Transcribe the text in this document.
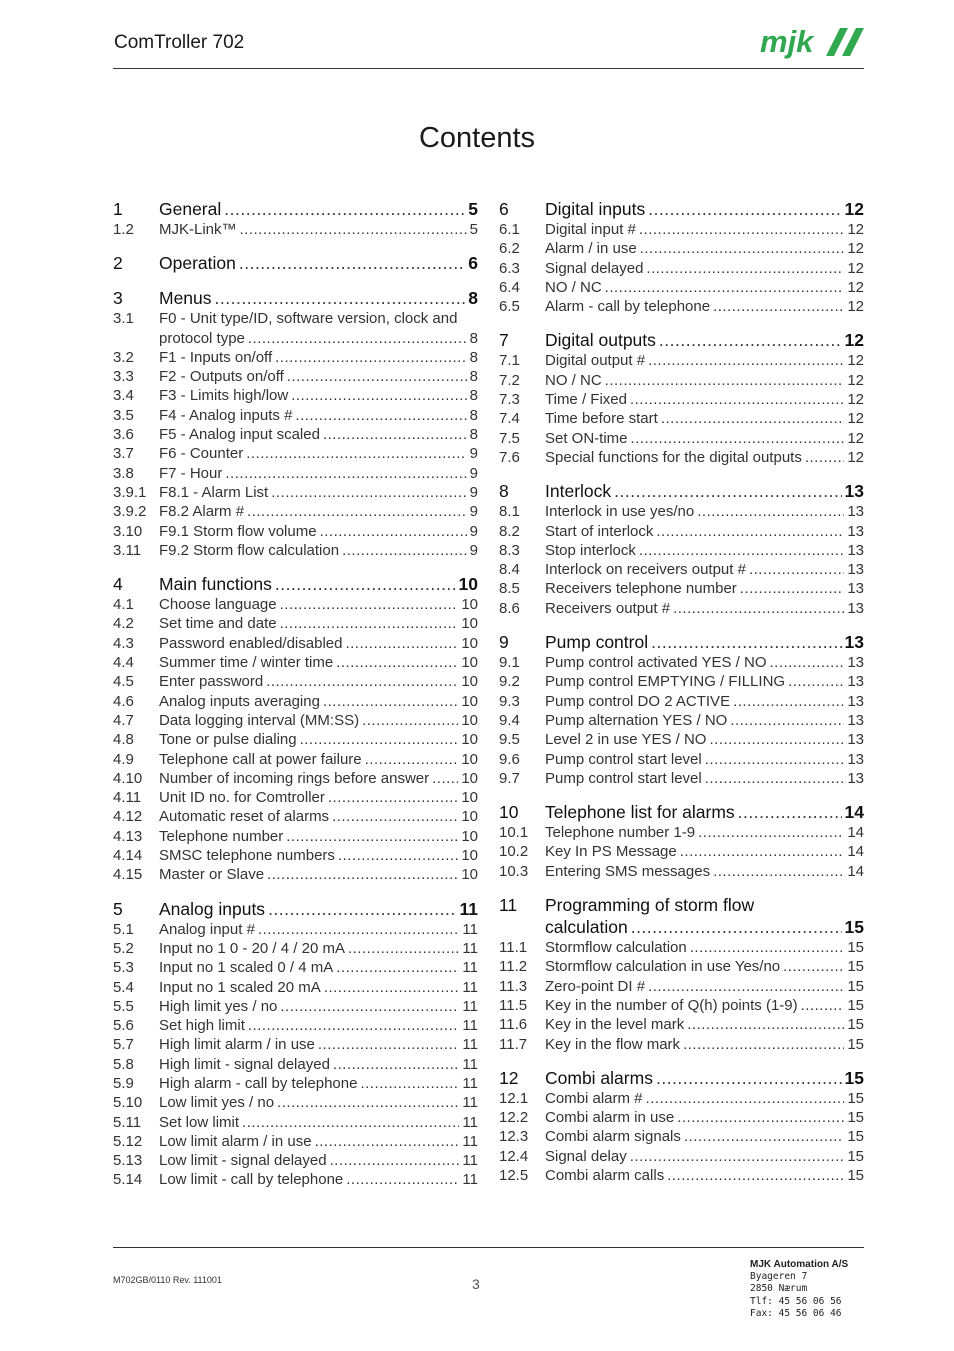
ComTroller 702	mjk
Contents
1	General .....	5
1.2	MJK-Link™ .....	5
2	Operation .....	6
3	Menus .....	8
3.1	F0 - Unit type/ID, software version, clock and
protocol type .....	8
3.2	F1 - Inputs on/off .....	8
3.3	F2 - Outputs on/off .....	8
3.4	F3 - Limits high/low .....	8
3.5	F4 - Analog inputs # .....	8
3.6	F5 - Analog input scaled .....	8
3.7	F6 - Counter .....	9
3.8	F7 - Hour .....	9
3.9.1 F8.1 - Alarm List .....	9
3.9.2 F8.2 Alarm # .....	9
3.10	F9.1 Storm flow volume .....	9
3.11	F9.2 Storm flow calculation .....	9
4	Main functions .....	10
4.1	Choose language .....	10
4.2	Set time and date .....	10
4.3	Password enabled/disabled .....	10
4.4	Summer time / winter time .....	10
4.5	Enter password .....	10
4.6	Analog inputs averaging .....	10
4.7	Data logging interval (MM:SS) .....	10
4.8	Tone or pulse dialing .....	10
4.9	Telephone call at power failure .....	10
4.10	Number of incoming rings before answer ..... 10
4.11	Unit ID no. for Comtroller .....	10
4.12	Automatic reset of alarms .....	10
4.13	Telephone number .....	10
4.14	SMSC telephone numbers .....	10
4.15	Master or Slave .....	10
5	Analog inputs .....	11
5.1	Analog input # .....	11
5.2	Input no 1 0 - 20 / 4 / 20 mA .....	11
5.3	Input no 1 scaled 0 / 4 mA .....	11
5.4	Input no 1 scaled 20 mA .....	11
5.5	High limit yes / no .....	11
5.6	Set high limit .....	11
5.7	High limit alarm / in use .....	11
5.8	High limit - signal delayed .....	11
5.9	High alarm - call by telephone .....	11
5.10	Low limit yes / no .....	11
5.11	Set low limit .....	11
5.12	Low limit alarm / in use .....	11
5.13	Low limit - signal delayed .....	11
5.14	Low limit - call by telephone .....	11
6	Digital inputs .....	12
6.1	Digital input # .....	12
6.2	Alarm / in use .....	12
6.3	Signal delayed .....	12
6.4	NO / NC .....	12
6.5	Alarm - call by telephone .....	12
7	Digital outputs .....	12
7.1	Digital output # .....	12
7.2	NO / NC .....	12
7.3	Time / Fixed .....	12
7.4	Time before start .....	12
7.5	Set ON-time .....	12
7.6	Special functions for the digital outputs .....	12
8	Interlock .....	13
8.1	Interlock in use yes/no .....	13
8.2	Start of interlock .....	13
8.3	Stop interlock .....	13
8.4	Interlock on receivers output # .....	13
8.5	Receivers telephone number .....	13
8.6	Receivers output # .....	13
9	Pump control .....	13
9.1	Pump control activated YES / NO .....	13
9.2	Pump control EMPTYING / FILLING .....	13
9.3	Pump control DO 2 ACTIVE .....	13
9.4	Pump alternation YES / NO .....	13
9.5	Level 2 in use YES / NO .....	13
9.6	Pump control start level .....	13
9.7	Pump control start level .....	13
10	Telephone list for alarms .....	14
10.1	Telephone number 1-9 .....	14
10.2	Key In PS Message .....	14
10.3	Entering SMS messages .....	14
11	Programming of storm flow
calculation .....	15
11.1	Stormflow calculation .....	15
11.2	Stormflow calculation in use Yes/no .....	15
11.3	Zero-point DI # .....	15
11.5	Key in the number of Q(h) points (1-9) .....	15
11.6	Key in the level mark .....	15
11.7	Key in the flow mark .....	15
12	Combi alarms .....	15
12.1	Combi alarm # .....	15
12.2	Combi alarm in use .....	15
12.3	Combi alarm signals .....	15
12.4	Signal delay .....	15
12.5	Combi alarm calls .....	15
M702GB/0110 Rev. 111001	3
MJK Automation A/S
Byageren 7
2850 Nærum
Tlf: 45 56 06 56
Fax: 45 56 06 46
